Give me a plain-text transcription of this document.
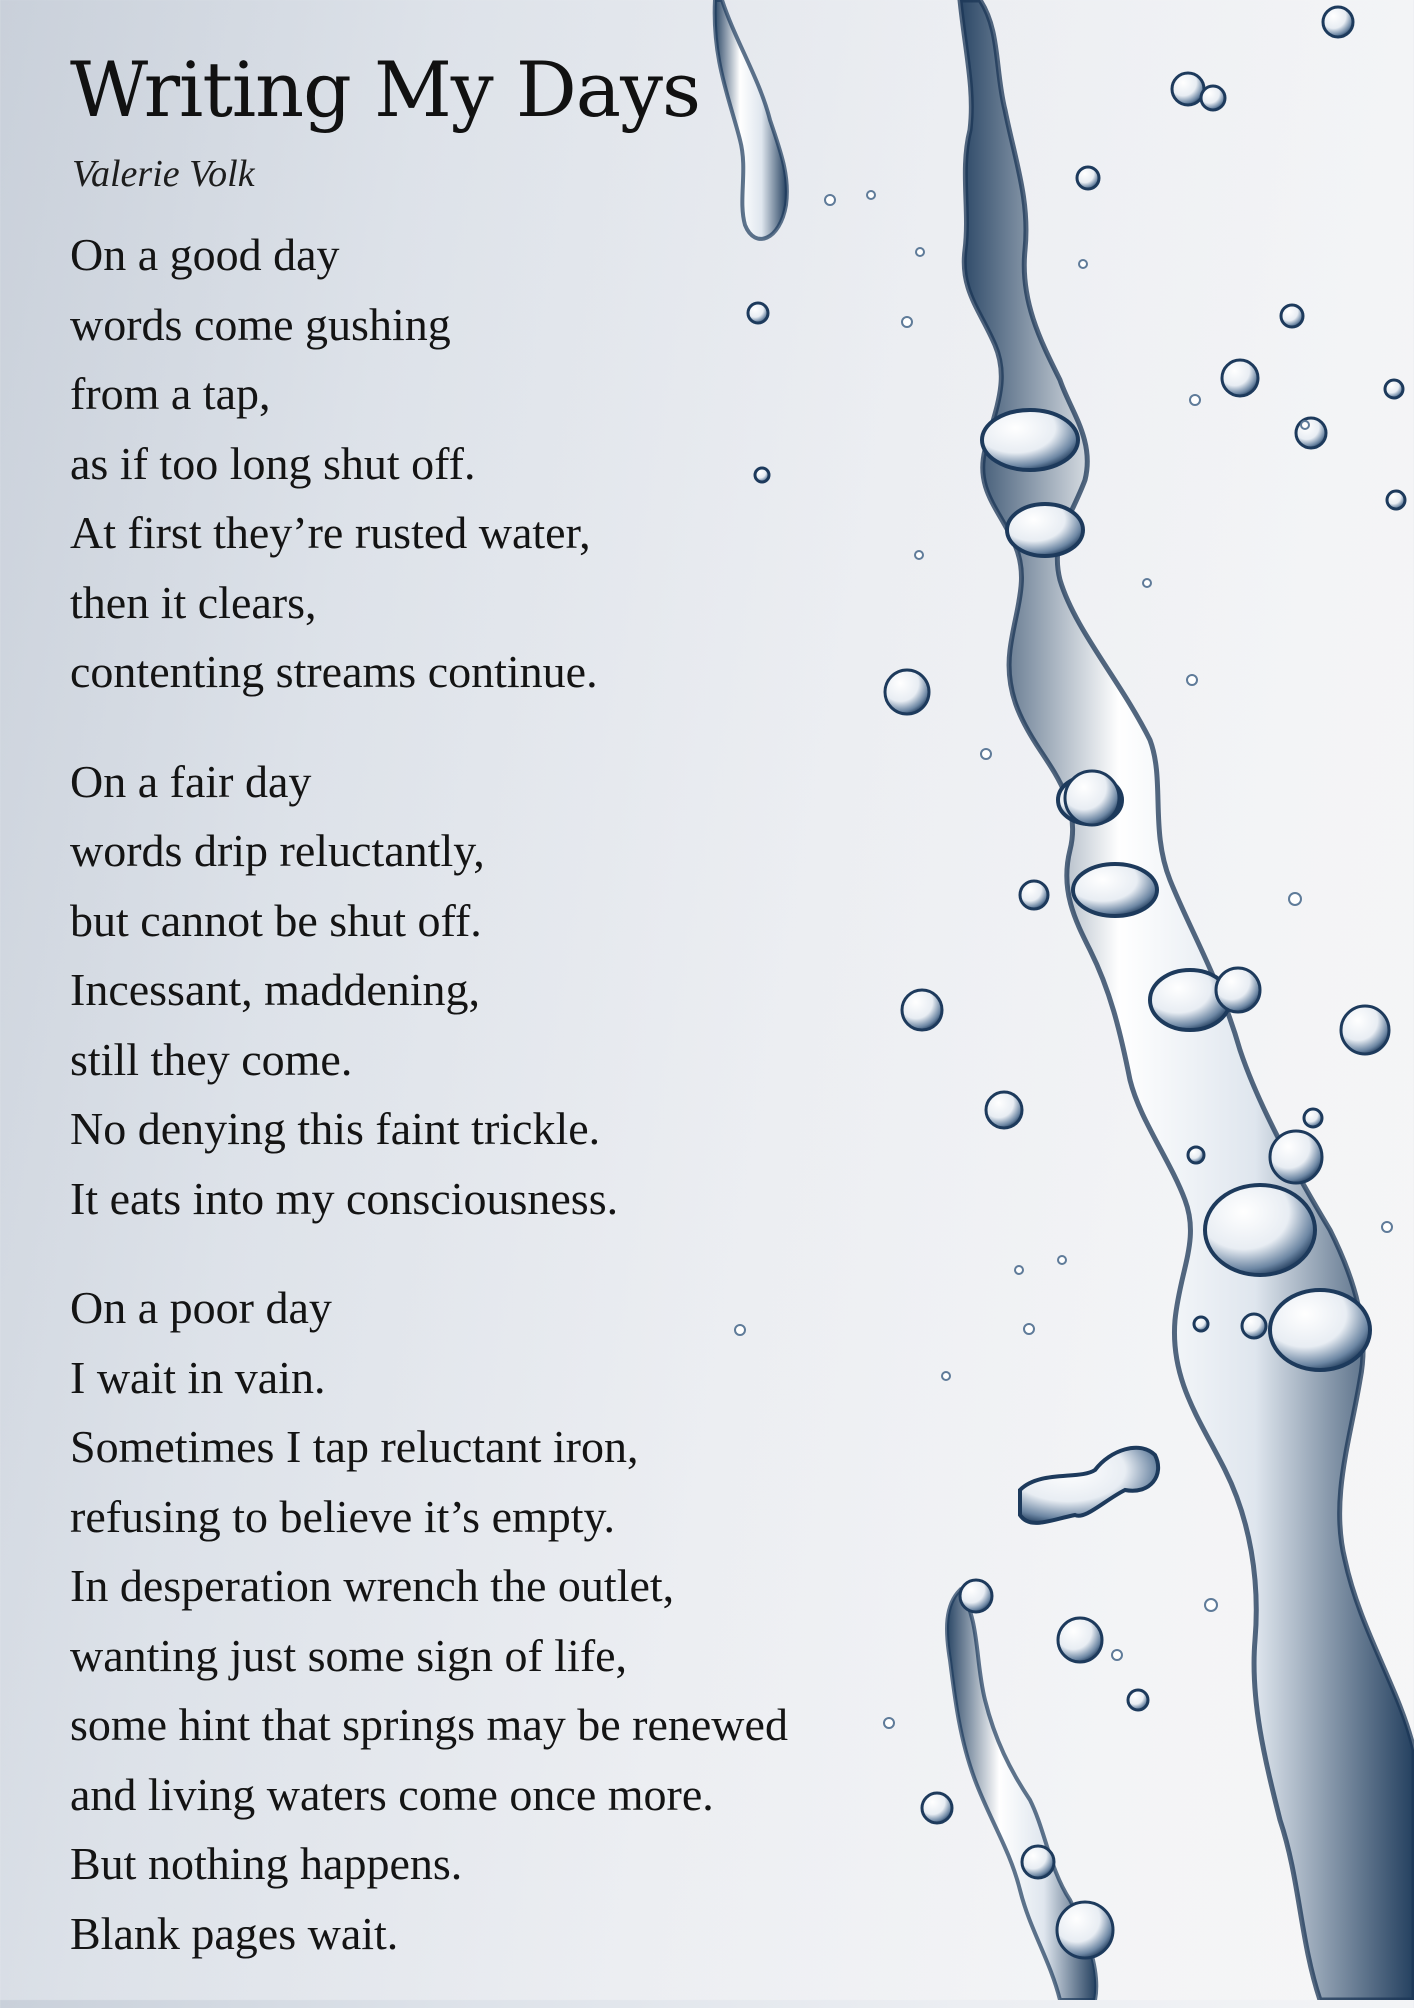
Writing My Days
Valerie Volk
On a good day
words come gushing
from a tap,
as if too long shut off.
At first they’re rusted water,
then it clears,
contenting streams continue.
On a fair day
words drip reluctantly,
but cannot be shut off.
Incessant, maddening,
still they come.
No denying this faint trickle.
It eats into my consciousness.
On a poor day
I wait in vain.
Sometimes I tap reluctant iron,
refusing to believe it’s empty.
In desperation wrench the outlet,
wanting just some sign of life,
some hint that springs may be renewed
and living waters come once more.
But nothing happens.
Blank pages wait.
